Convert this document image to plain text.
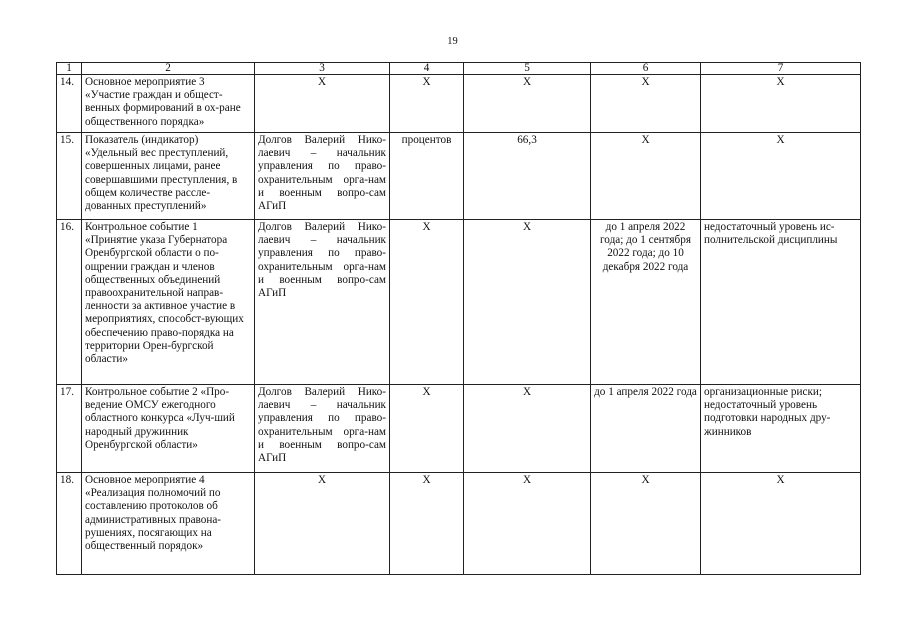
19
1	2	3	4	5	6	7
14.	Основное мероприятие 3 «Участие граждан и общест-венных формирований в ох-ране общественного порядка»	X	X	X	X	X
15.	Показатель (индикатор) «Удельный вес преступлений, совершенных лицами, ранее совершавшими преступления, в общем количестве рассле-дованных преступлений»	Долгов Валерий Нико-лаевич – начальник управления по право-охранительным орга-нам и военным вопро-сам АГиП	процентов	66,3	X	X
16.	Контрольное событие 1 «Принятие указа Губернатора Оренбургской области о по-ощрении граждан и членов общественных объединений правоохранительной направ-ленности за активное участие в мероприятиях, способст-вующих обеспечению право-порядка на территории Орен-бургской области»	Долгов Валерий Нико-лаевич – начальник управления по право-охранительным орга-нам и военным вопро-сам АГиП	X	X	до 1 апреля 2022 года; до 1 сентября 2022 года; до 10 декабря 2022 года	недостаточный уровень ис-полнительской дисциплины
17.	Контрольное событие 2 «Про-ведение ОМСУ ежегодного областного конкурса «Луч-ший народный дружинник Оренбургской области»	Долгов Валерий Нико-лаевич – начальник управления по право-охранительным орга-нам и военным вопро-сам АГиП	X	X	до 1 апреля 2022 года	организационные риски; недостаточный уровень подготовки народных дру-жинников
18.	Основное мероприятие 4 «Реализация полномочий по составлению протоколов об административных правона-рушениях, посягающих на общественный порядок»	X	X	X	X	X
